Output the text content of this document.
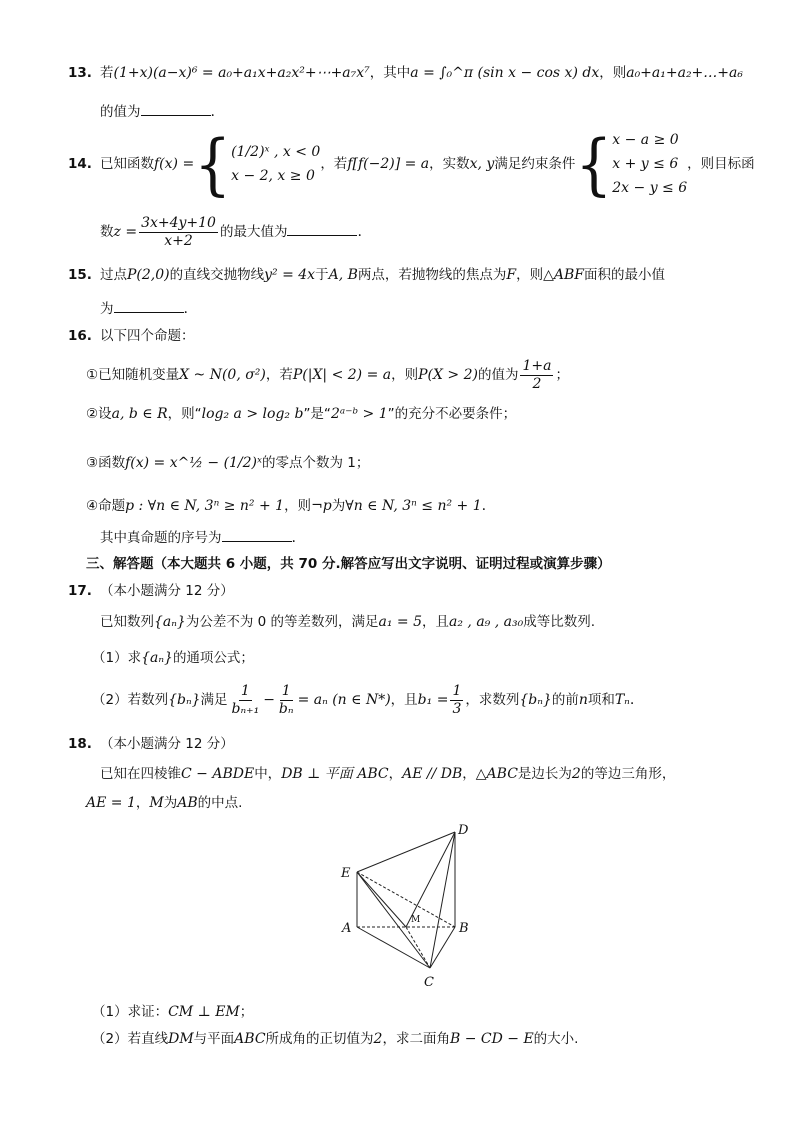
13. 若(1+x)(a−x)⁶ = a₀+a₁x+a₂x²+⋯+a₇x⁷，其中a = ∫₀^π (sin x − cos x) dx，则a₀+a₁+a₂+…+a₆
的值为	.
14. 已知函数f(x) ={ (1/2)ˣ , x < 0
x − 2, x ≥ 0
，若f[f(−2)] = a，实数x, y满足约束条件{ x − a ≥ 0
x + y ≤ 6
2x − y ≤ 6
，则目标函
数$z = \frac{3x+4y+10}{x+2}$ 的最大值为	.
15. 过点P(2,0)的直线交抛物线y² = 4x于A, B两点，若抛物线的焦点为F，则△ABF面积的最小值
为	.
16. 以下四个命题：
①已知随机变量X ~ N(0, σ²)，若P(|X| < 2) = a，则P(X > 2)的值为 $\frac{1+a}{2}$ ；
②设a, b ∈ R，则“log₂ a > log₂ b”是“2ᵃ⁻ᵇ > 1”的充分不必要条件；
③函数f(x) = x^½ − (1/2)ˣ的零点个数为 1；
④命题p : ∀n ∈ N, 3ⁿ ≥ n² + 1，则¬p为∀n ∈ N, 3ⁿ ≤ n² + 1.
其中真命题的序号为	.
三、解答题（本大题共 6 小题，共 70 分.解答应写出文字说明、证明过程或演算步骤）
17. （本小题满分 12 分）
已知数列{aₙ}为公差不为 0 的等差数列，满足a₁ = 5，且a₂ , a₉ , a₃₀成等比数列.
（1）求{aₙ}的通项公式；
（2）若数列{bₙ}满足 $\frac{1}{\text{bₙ₊₁}} - \frac{1}{\text{bₙ}} = a_n$ (n ∈ N*)，且$b_1 = \frac{1}{3}$ ，求数列{bₙ}的前n项和Tₙ.
18. （本小题满分 12 分）
已知在四棱锥C − ABDE中，DB ⊥ 平面 ABC，AE // DB，△ABC是边长为2的等边三角形，
AE = 1，M为AB的中点.
D
E
A	B
C
M
（1）求证：CM ⊥ EM；
（2）若直线DM与平面ABC所成角的正切值为2，求二面角B − CD − E的大小.
